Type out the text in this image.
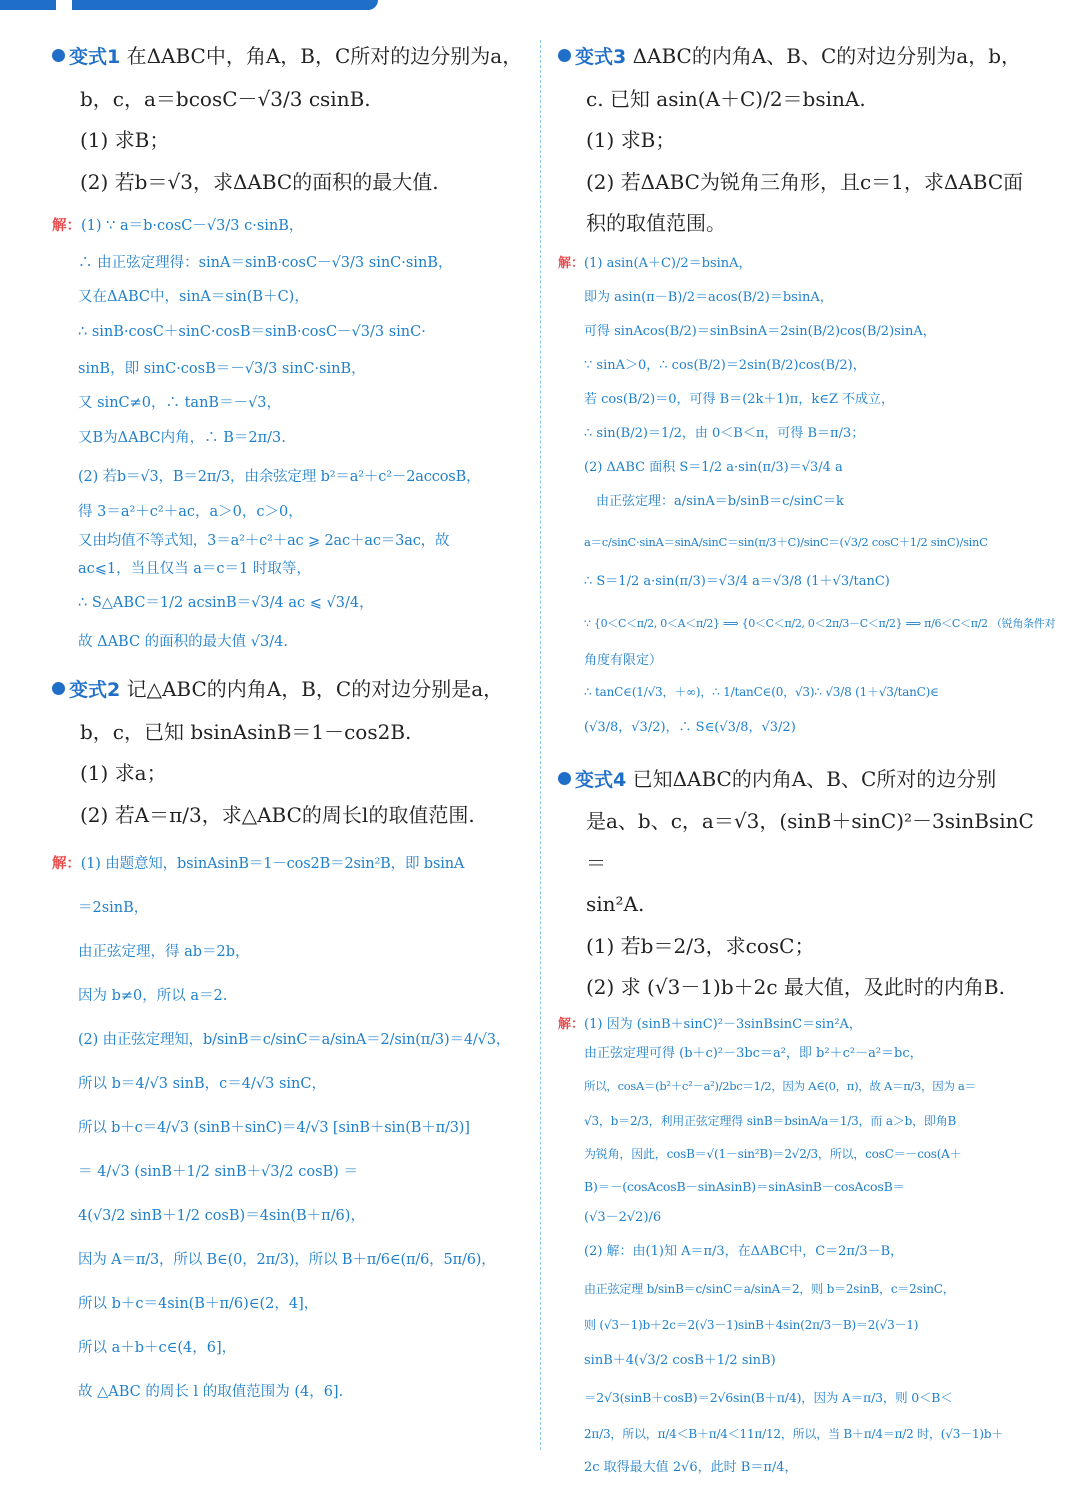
变式1 在ΔABC中，角A，B，C所对的边分别为a，

b，c，a＝bcosC－√3/3 csinB.

(1) 求B；

(2) 若b＝√3，求ΔABC的面积的最大值.

解：(1) ∵ a＝b·cosC－√3/3 c·sinB，

∴ 由正弦定理得：sinA＝sinB·cosC－√3/3 sinC·sinB，

又在ΔABC中，sinA＝sin(B＋C)，

∴ sinB·cosC＋sinC·cosB＝sinB·cosC－√3/3 sinC·

sinB，即 sinC·cosB＝－√3/3 sinC·sinB，

又 sinC≠0，∴ tanB＝－√3，

又B为ΔABC内角，∴ B＝2π/3.

(2) 若b＝√3，B＝2π/3，由余弦定理 b²＝a²＋c²－2accosB，

得 3＝a²＋c²＋ac，a＞0，c＞0，

又由均值不等式知，3＝a²＋c²＋ac ⩾ 2ac＋ac＝3ac，故

ac⩽1，当且仅当 a＝c＝1 时取等，

∴ S△ABC＝1/2 acsinB＝√3/4 ac ⩽ √3/4，

故 ΔABC 的面积的最大值 √3/4.

变式2 记△ABC的内角A，B，C的对边分别是a，

b，c，已知 bsinAsinB＝1－cos2B.

(1) 求a；

(2) 若A＝π/3，求△ABC的周长l的取值范围.

解：(1) 由题意知，bsinAsinB＝1－cos2B＝2sin²B，即 bsinA

＝2sinB，

由正弦定理，得 ab＝2b，

因为 b≠0，所以 a＝2.

(2) 由正弦定理知，b/sinB＝c/sinC＝a/sinA＝2/sin(π/3)＝4/√3，

所以 b＝4/√3 sinB，c＝4/√3 sinC，

所以 b＋c＝4/√3 (sinB＋sinC)＝4/√3 [sinB＋sin(B＋π/3)]

＝ 4/√3 (sinB＋1/2 sinB＋√3/2 cosB) ＝

4(√3/2 sinB＋1/2 cosB)＝4sin(B＋π/6)，

因为 A＝π/3，所以 B∈(0，2π/3)，所以 B＋π/6∈(π/6，5π/6)，

所以 b＋c＝4sin(B＋π/6)∈(2，4]，

所以 a＋b＋c∈(4，6]，

故 △ABC 的周长 l 的取值范围为 (4，6].

变式3 ΔABC的内角A、B、C的对边分别为a，b，

c. 已知 asin(A＋C)/2＝bsinA.

(1) 求B；

(2) 若ΔABC为锐角三角形，且c＝1，求ΔABC面

积的取值范围。

解：(1) asin(A＋C)/2＝bsinA，

即为 asin(π－B)/2＝acos(B/2)＝bsinA，

可得 sinAcos(B/2)＝sinBsinA＝2sin(B/2)cos(B/2)sinA，

∵ sinA＞0，∴ cos(B/2)＝2sin(B/2)cos(B/2)，

若 cos(B/2)＝0，可得 B＝(2k＋1)π，k∈Z 不成立，

∴ sin(B/2)＝1/2，由 0＜B＜π，可得 B＝π/3；

(2) ΔABC 面积 S＝1/2 a·sin(π/3)＝√3/4 a

由正弦定理：a/sinA＝b/sinB＝c/sinC＝k

a＝c/sinC·sinA＝sinA/sinC＝sin(π/3＋C)/sinC＝(√3/2 cosC＋1/2 sinC)/sinC

∴ S＝1/2 a·sin(π/3)＝√3/4 a＝√3/8 (1＋√3/tanC)

∵ {0＜C＜π/2, 0＜A＜π/2} ⟹ {0＜C＜π/2, 0＜2π/3－C＜π/2} ⟹ π/6＜C＜π/2 （锐角条件对

角度有限定）

∴ tanC∈(1/√3，＋∞)，∴ 1/tanC∈(0，√3)∴ √3/8 (1＋√3/tanC)∈

(√3/8，√3/2)，∴ S∈(√3/8，√3/2)

变式4 已知ΔABC的内角A、B、C所对的边分别

是a、b、c，a＝√3，(sinB＋sinC)²－3sinBsinC＝

sin²A.

(1) 若b＝2/3，求cosC；

(2) 求 (√3－1)b＋2c 最大值，及此时的内角B.

解：(1) 因为 (sinB＋sinC)²－3sinBsinC＝sin²A，

由正弦定理可得 (b＋c)²－3bc＝a²，即 b²＋c²－a²＝bc，

所以，cosA＝(b²＋c²－a²)/2bc＝1/2，因为 A∈(0，π)，故 A＝π/3，因为 a＝

√3，b＝2/3，利用正弦定理得 sinB＝bsinA/a＝1/3，而 a＞b，即角B

为锐角，因此，cosB＝√(1－sin²B)＝2√2/3，所以，cosC＝－cos(A＋

B)＝－(cosAcosB－sinAsinB)＝sinAsinB－cosAcosB＝

(√3－2√2)/6

(2) 解：由(1)知 A＝π/3，在ΔABC中，C＝2π/3－B，

由正弦定理 b/sinB＝c/sinC＝a/sinA＝2，则 b＝2sinB，c＝2sinC，

则 (√3－1)b＋2c＝2(√3－1)sinB＋4sin(2π/3－B)＝2(√3－1)

sinB＋4(√3/2 cosB＋1/2 sinB)

＝2√3(sinB＋cosB)＝2√6sin(B＋π/4)，因为 A＝π/3，则 0＜B＜

2π/3，所以，π/4＜B＋π/4＜11π/12，所以，当 B＋π/4＝π/2 时，(√3－1)b＋

2c 取得最大值 2√6，此时 B＝π/4，
